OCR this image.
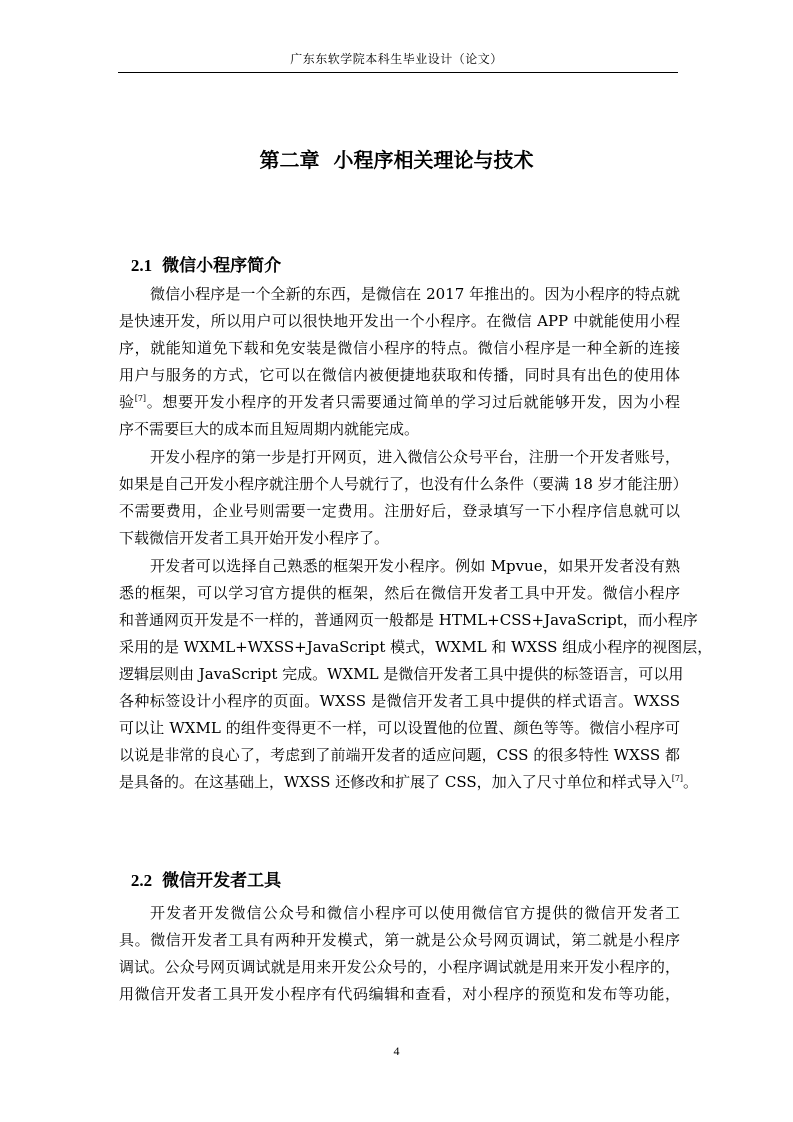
广东东软学院本科生毕业设计（论文）
第二章  小程序相关理论与技术

2.1 微信小程序简介

微信小程序是一个全新的东西，是微信在 2017 年推出的。因为小程序的特点就
是快速开发，所以用户可以很快地开发出一个小程序。在微信 APP 中就能使用小程
序，就能知道免下载和免安装是微信小程序的特点。微信小程序是一种全新的连接
用户与服务的方式，它可以在微信内被便捷地获取和传播，同时具有出色的使用体
验[7]。想要开发小程序的开发者只需要通过简单的学习过后就能够开发，因为小程
序不需要巨大的成本而且短周期内就能完成。
开发小程序的第一步是打开网页，进入微信公众号平台，注册一个开发者账号，
如果是自己开发小程序就注册个人号就行了，也没有什么条件（要满 18 岁才能注册）
不需要费用，企业号则需要一定费用。注册好后，登录填写一下小程序信息就可以
下载微信开发者工具开始开发小程序了。
开发者可以选择自己熟悉的框架开发小程序。例如 Mpvue，如果开发者没有熟
悉的框架，可以学习官方提供的框架，然后在微信开发者工具中开发。微信小程序
和普通网页开发是不一样的，普通网页一般都是 HTML+CSS+JavaScript，而小程序
采用的是 WXML+WXSS+JavaScript 模式，WXML 和 WXSS 组成小程序的视图层，
逻辑层则由 JavaScript 完成。WXML 是微信开发者工具中提供的标签语言，可以用
各种标签设计小程序的页面。WXSS 是微信开发者工具中提供的样式语言。WXSS
可以让 WXML 的组件变得更不一样，可以设置他的位置、颜色等等。微信小程序可
以说是非常的良心了，考虑到了前端开发者的适应问题，CSS 的很多特性 WXSS 都
是具备的。在这基础上，WXSS 还修改和扩展了 CSS，加入了尺寸单位和样式导入[7]。

2.2 微信开发者工具

开发者开发微信公众号和微信小程序可以使用微信官方提供的微信开发者工
具。微信开发者工具有两种开发模式，第一就是公众号网页调试，第二就是小程序
调试。公众号网页调试就是用来开发公众号的，小程序调试就是用来开发小程序的，
用微信开发者工具开发小程序有代码编辑和查看，对小程序的预览和发布等功能，
4
